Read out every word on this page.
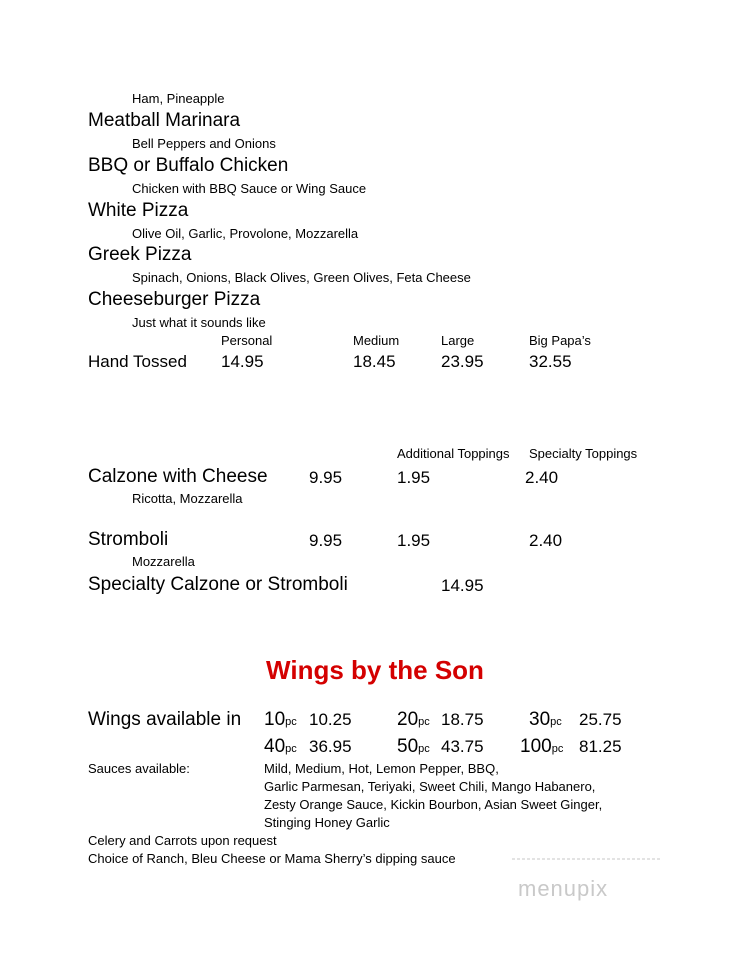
Ham, Pineapple
Meatball Marinara
Bell Peppers and Onions
BBQ or Buffalo Chicken
Chicken with BBQ Sauce or Wing Sauce
White Pizza
Olive Oil, Garlic, Provolone, Mozzarella
Greek Pizza
Spinach, Onions, Black Olives, Green Olives, Feta Cheese
Cheeseburger Pizza
Just what it sounds like
Personal	Medium	Large	Big Papa’s
Hand Tossed 14.95	18.45	23.95	32.55
Additional Toppings Specialty Toppings
Calzone with Cheese 9.95	1.95	2.40
Ricotta, Mozzarella
Stromboli	9.95	1.95	2.40
Mozzarella
Specialty Calzone or Stromboli	14.95
Wings by the Son
Wings available in 10pc 10.25 20pc 18.75 30pc 25.75
40pc 36.95 50pc 43.75 100pc 81.25
Sauces available:	Mild, Medium, Hot, Lemon Pepper, BBQ,
Garlic Parmesan, Teriyaki, Sweet Chili, Mango Habanero,
Zesty Orange Sauce, Kickin Bourbon, Asian Sweet Ginger,
Stinging Honey Garlic
Celery and Carrots upon request
Choice of Ranch, Bleu Cheese or Mama Sherry’s dipping sauce
menupix
